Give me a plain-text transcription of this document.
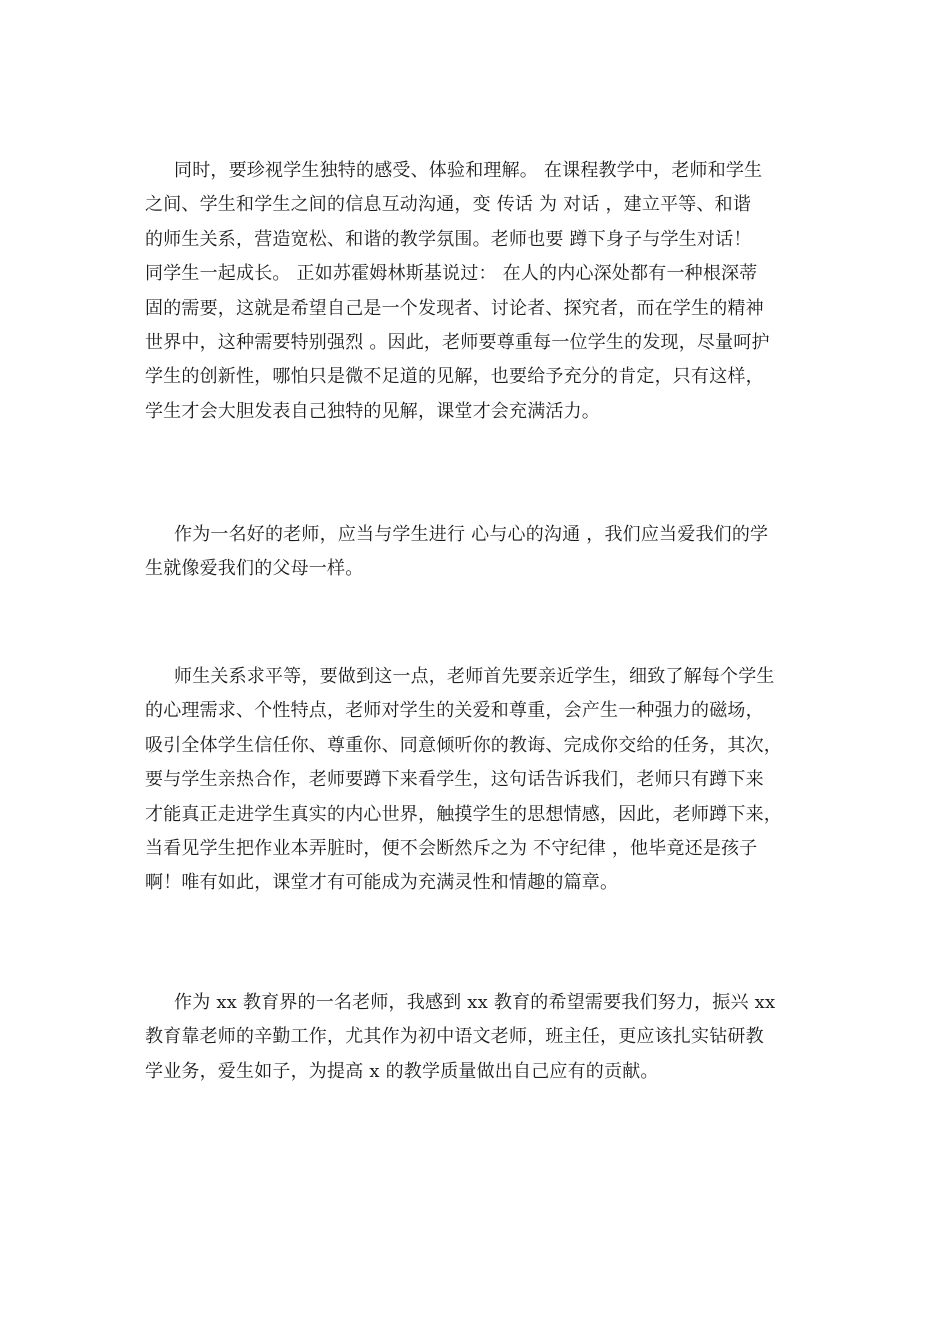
同时，要珍视学生独特的感受、体验和理解。 在课程教学中，老师和学生
之间、学生和学生之间的信息互动沟通，变 传话 为 对话 ，建立平等、和谐
的师生关系，营造宽松、和谐的教学氛围。老师也要 蹲下身子与学生对话！
同学生一起成长。 正如苏霍姆林斯基说过： 在人的内心深处都有一种根深蒂
固的需要，这就是希望自己是一个发现者、讨论者、探究者，而在学生的精神
世界中，这种需要特别强烈 。因此，老师要尊重每一位学生的发现，尽量呵护
学生的创新性，哪怕只是微不足道的见解，也要给予充分的肯定，只有这样，
学生才会大胆发表自己独特的见解，课堂才会充满活力。
作为一名好的老师，应当与学生进行 心与心的沟通 ，我们应当爱我们的学
生就像爱我们的父母一样。
师生关系求平等，要做到这一点，老师首先要亲近学生，细致了解每个学生
的心理需求、个性特点，老师对学生的关爱和尊重，会产生一种强力的磁场，
吸引全体学生信任你、尊重你、同意倾听你的教诲、完成你交给的任务，其次，
要与学生亲热合作，老师要蹲下来看学生，这句话告诉我们，老师只有蹲下来
才能真正走进学生真实的内心世界，触摸学生的思想情感，因此，老师蹲下来，
当看见学生把作业本弄脏时，便不会断然斥之为 不守纪律 ，他毕竟还是孩子
啊！唯有如此，课堂才有可能成为充满灵性和情趣的篇章。
作为 xx 教育界的一名老师，我感到 xx 教育的希望需要我们努力，振兴 xx
教育靠老师的辛勤工作，尤其作为初中语文老师，班主任，更应该扎实钻研教
学业务，爱生如子，为提高 x 的教学质量做出自己应有的贡献。
